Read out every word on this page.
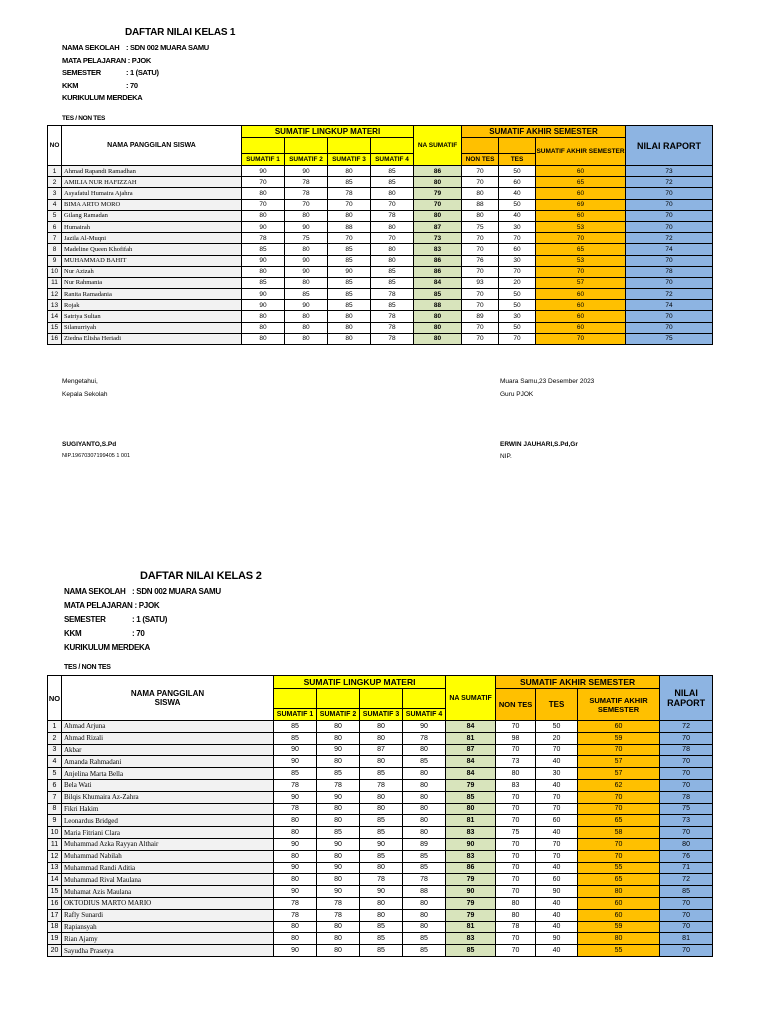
DAFTAR NILAI KELAS 1
NAMA SEKOLAH : SDN 002 MUARA SAMU
MATA PELAJARAN : PJOK
SEMESTER	: 1 (SATU)
KKM	: 70
KURIKULUM MERDEKA
TES / NON TES
NO	NAMA PANGGILAN SISWA	SUMATIF LINGKUP MATERI				NA SUMATIF	SUMATIF AKHIR SEMESTER			NILAI RAPORT
									SUMATIF AKHIR SEMESTER	
		SUMATIF 1	SUMATIF 2	SUMATIF 3	SUMATIF 4		NON TES	TES		
1	Ahmad Rapandi Ramadhan	90	90	80	85	86	70	50	60	73
2	AMILIA NUR HAFIZZAH	70	78	85	85	80	70	60	65	72
3	Asyafatul Humaira Ajahra	80	78	78	80	79	80	40	60	70
4	BIMA ARTO MORO	70	70	70	70	70	88	50	69	70
5	Gilang Ramadan	80	80	80	78	80	80	40	60	70
6	Humairah	90	90	88	80	87	75	30	53	70
7	Jazila Al-Muqni	78	75	70	70	73	70	70	70	72
8	Madeline Queen Khofifah	85	80	85	80	83	70	60	65	74
9	MUHAMMAD BAHIT	90	90	85	80	86	76	30	53	70
10	Nur Azizah	80	90	90	85	86	70	70	70	78
11	Nur Rahmania	85	80	85	85	84	93	20	57	70
12	Ranita Ramadania	90	85	85	78	85	70	50	60	72
13	Rojak	90	90	85	85	88	70	50	60	74
14	Satriya Sultan	80	80	80	78	80	89	30	60	70
15	Silanurriyah	80	80	80	78	80	70	50	60	70
16	Ziedna Elisha Heriadi	80	80	80	78	80	70	70	70	75
Mengetahui,
Kepala Sekolah
SUGIYANTO,S.Pd
NIP.19670307199405 1 001
Muara Samu,23 Desember 2023
Guru PJOK
ERWIN JAUHARI,S.Pd,Gr
NIP.
DAFTAR NILAI KELAS 2
NAMA SEKOLAH : SDN 002 MUARA SAMU
MATA PELAJARAN : PJOK
SEMESTER	: 1 (SATU)
KKM	: 70
KURIKULUM MERDEKA
TES / NON TES
NO	NAMA PANGGILAN SISWA	SUMATIF LINGKUP MATERI				NA SUMATIF	SUMATIF AKHIR SEMESTER			NILAI RAPORT
							NON TES	TES	SUMATIF AKHIR SEMESTER	
		SUMATIF 1	SUMATIF 2	SUMATIF 3	SUMATIF 4					
1	Ahmad Arjuna	85	80	80	90	84	70	50	60	72
2	Ahmad Rizali	85	80	80	78	81	98	20	59	70
3	Akbar	90	90	87	80	87	70	70	70	78
4	Amanda Rahmadani	90	80	80	85	84	73	40	57	70
5	Anjelina Marta Bella	85	85	85	80	84	80	30	57	70
6	Bela Wati	78	78	78	80	79	83	40	62	70
7	Bilqis Khumaira Az-Zahra	90	90	80	80	85	70	70	70	78
8	Fikri Hakim	78	80	80	80	80	70	70	70	75
9	Leonardus Bridged	80	80	85	80	81	70	60	65	73
10	Maria Fitriani Clara	80	85	85	80	83	75	40	58	70
11	Muhammad Azka Rayyan Althair	90	90	90	89	90	70	70	70	80
12	Muhammad Nabilah	80	80	85	85	83	70	70	70	76
13	Muhammad Randi Aditia	90	90	80	85	86	70	40	55	71
14	Muhammad Rival Maulana	80	80	78	78	79	70	60	65	72
15	Muhamat Azis Maulana	90	90	90	88	90	70	90	80	85
16	OKTODIUS MARTO MARIO	78	78	80	80	79	80	40	60	70
17	Rafly Sunardi	78	78	80	80	79	80	40	60	70
18	Rapiansyah	80	80	85	80	81	78	40	59	70
19	Rian Ajamy	80	80	85	85	83	70	90	80	81
20	Sayudha Prasetya	90	80	85	85	85	70	40	55	70
